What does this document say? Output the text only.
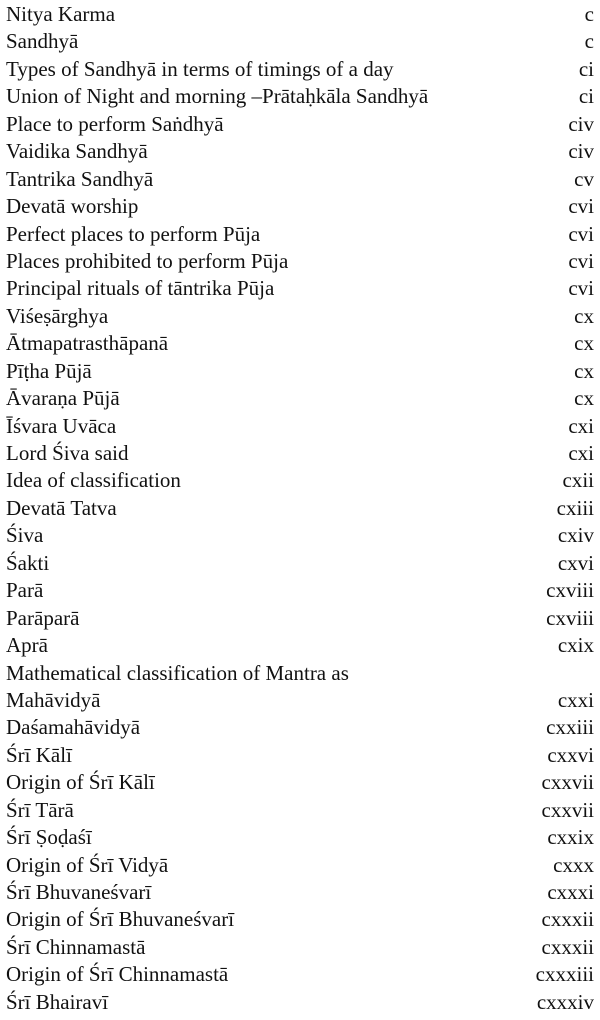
Nitya Karma	c
Sandhyā	c
Types of Sandhyā in terms of timings of a day	ci
Union of Night and morning –Prātaḥkāla Sandhyā	ci
Place to perform Saṅdhyā	civ
Vaidika Sandhyā	civ
Tantrika Sandhyā	cv
Devatā worship	cvi
Perfect places to perform Pūja	cvi
Places prohibited to perform Pūja	cvi
Principal rituals of tāntrika Pūja	cvi
Viśeṣārghya	cx
Ātmapatrasthāpanā	cx
Pīṭha Pūjā	cx
Āvaraṇa Pūjā	cx
Īśvara Uvāca	cxi
Lord Śiva said	cxi
Idea of classification	cxii
Devatā Tatva	cxiii
Śiva	cxiv
Śakti	cxvi
Parā	cxviii
Parāparā	cxviii
Aprā	cxix
Mathematical classification of Mantra as
Mahāvidyā	cxxi
Daśamahāvidyā	cxxiii
Śrī Kālī	cxxvi
Origin of Śrī Kālī	cxxvii
Śrī Tārā	cxxvii
Śrī Ṣoḍaśī	cxxix
Origin of Śrī Vidyā	cxxx
Śrī Bhuvaneśvarī	cxxxi
Origin of Śrī Bhuvaneśvarī	cxxxii
Śrī Chinnamastā	cxxxii
Origin of Śrī Chinnamastā	cxxxiii
Śrī Bhairavī	cxxxiv
